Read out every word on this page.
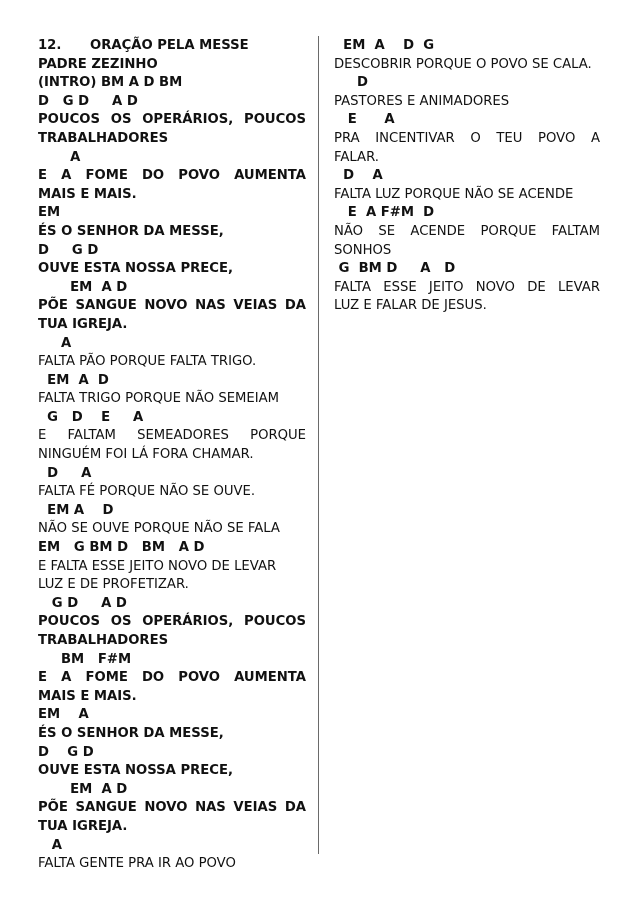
12. ORAÇÃO PELA MESSE
PADRE ZEZINHO
(INTRO) BM A D BM
D   G D     A D
POUCOS OS OPERÁRIOS, POUCOS
TRABALHADORES
A
E A FOME DO POVO AUMENTA
MAIS E MAIS.
EM
ÉS O SENHOR DA MESSE,
D     G D
OUVE ESTA NOSSA PRECE,
EM  A D
PÕE SANGUE NOVO NAS VEIAS DA
TUA IGREJA.
A
FALTA PÃO PORQUE FALTA TRIGO.
EM  A  D
FALTA TRIGO PORQUE NÃO SEMEIAM
G   D    E     A
E FALTAM SEMEADORES PORQUE
NINGUÉM FOI LÁ FORA CHAMAR.
D     A
FALTA FÉ PORQUE NÃO SE OUVE.
EM A    D
NÃO SE OUVE PORQUE NÃO SE FALA
EM   G BM D   BM   A D
E FALTA ESSE JEITO NOVO DE LEVAR
LUZ E DE PROFETIZAR.
G D     A D
POUCOS OS OPERÁRIOS, POUCOS
TRABALHADORES
BM   F#M
E A FOME DO POVO AUMENTA
MAIS E MAIS.
EM    A
ÉS O SENHOR DA MESSE,
D    G D
OUVE ESTA NOSSA PRECE,
EM  A D
PÕE SANGUE NOVO NAS VEIAS DA
TUA IGREJA.
A
FALTA GENTE PRA IR AO POVO
EM  A    D  G
DESCOBRIR PORQUE O POVO SE CALA.
D
PASTORES E ANIMADORES
E      A
PRA INCENTIVAR O TEU POVO A
FALAR.
D    A
FALTA LUZ PORQUE NÃO SE ACENDE
E  A F#M  D
NÃO SE ACENDE PORQUE FALTAM
SONHOS
G  BM D     A   D
FALTA ESSE JEITO NOVO DE LEVAR
LUZ E FALAR DE JESUS.
